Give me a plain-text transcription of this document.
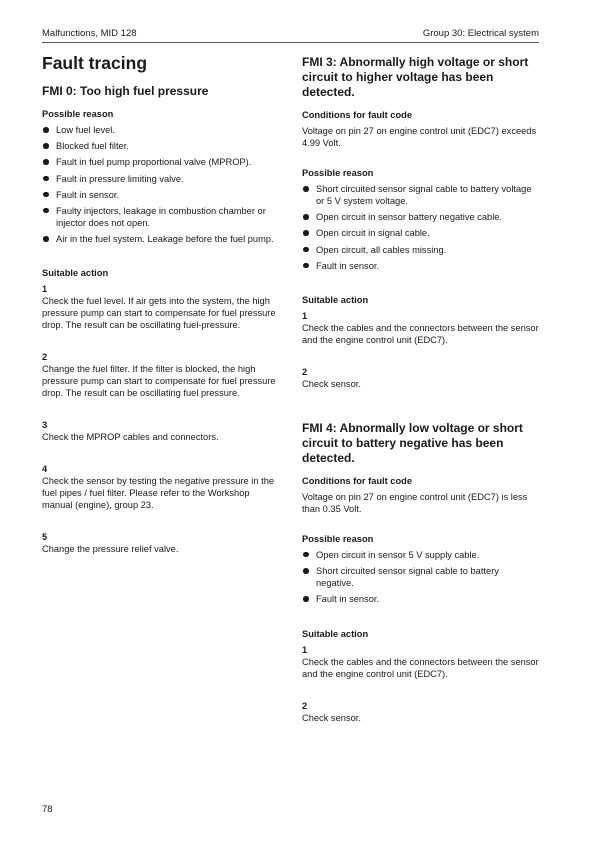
Malfunctions, MID 128	Group 30: Electrical system
Fault tracing
FMI 0: Too high fuel pressure
Possible reason
Low fuel level.
Blocked fuel filter.
Fault in fuel pump proportional valve (MPROP).
Fault in pressure limiting valve.
Fault in sensor.
Faulty injectors, leakage in combustion chamber or injector does not open.
Air in the fuel system. Leakage before the fuel pump.
Suitable action
1
Check the fuel level. If air gets into the system, the high pressure pump can start to compensate for fuel pressure drop. The result can be oscillating fuel-pressure.
2
Change the fuel filter. If the filter is blocked, the high pressure pump can start to compensate for fuel pressure drop. The result can be oscillating fuel pressure.
3
Check the MPROP cables and connectors.
4
Check the sensor by testing the negative pressure in the fuel pipes / fuel filter. Please refer to the Workshop manual (engine), group 23.
5
Change the pressure relief valve.
FMI 3: Abnormally high voltage or short circuit to higher voltage has been detected.
Conditions for fault code
Voltage on pin 27 on engine control unit (EDC7) exceeds 4.99 Volt.
Possible reason
Short circuited sensor signal cable to battery voltage or 5 V system voltage.
Open circuit in sensor battery negative cable.
Open circuit in signal cable.
Open circuit, all cables missing.
Fault in sensor.
Suitable action
1
Check the cables and the connectors between the sensor and the engine control unit (EDC7).
2
Check sensor.
FMI 4: Abnormally low voltage or short circuit to battery negative has been detected.
Conditions for fault code
Voltage on pin 27 on engine control unit (EDC7) is less than 0.35 Volt.
Possible reason
Open circuit in sensor 5 V supply cable.
Short circuited sensor signal cable to battery negative.
Fault in sensor.
Suitable action
1
Check the cables and the connectors between the sensor and the engine control unit (EDC7).
2
Check sensor.
78
